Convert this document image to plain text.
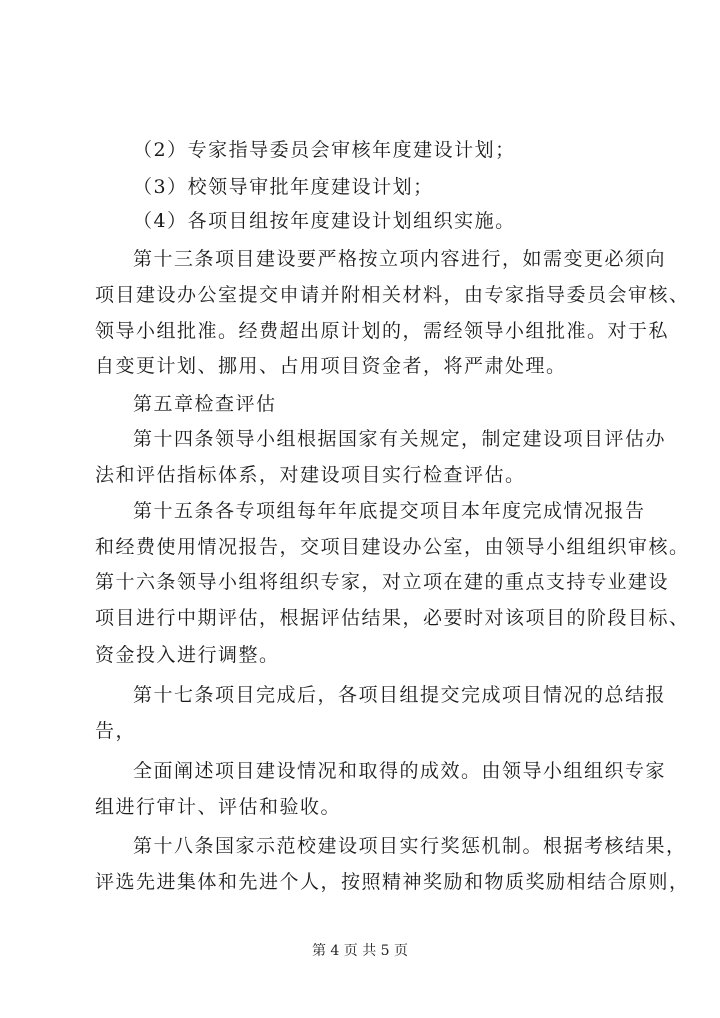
（2）专家指导委员会审核年度建设计划；
（3）校领导审批年度建设计划；
（4）各项目组按年度建设计划组织实施。
第十三条项目建设要严格按立项内容进行，如需变更必须向
项目建设办公室提交申请并附相关材料，由专家指导委员会审核、
领导小组批准。经费超出原计划的，需经领导小组批准。对于私
自变更计划、挪用、占用项目资金者，将严肃处理。
第五章检查评估
第十四条领导小组根据国家有关规定，制定建设项目评估办
法和评估指标体系，对建设项目实行检查评估。
第十五条各专项组每年年底提交项目本年度完成情况报告
和经费使用情况报告，交项目建设办公室，由领导小组组织审核。
第十六条领导小组将组织专家，对立项在建的重点支持专业建设
项目进行中期评估，根据评估结果，必要时对该项目的阶段目标、
资金投入进行调整。
第十七条项目完成后，各项目组提交完成项目情况的总结报
告，
全面阐述项目建设情况和取得的成效。由领导小组组织专家
组进行审计、评估和验收。
第十八条国家示范校建设项目实行奖惩机制。根据考核结果，
评选先进集体和先进个人，按照精神奖励和物质奖励相结合原则，
第 4 页 共 5 页
